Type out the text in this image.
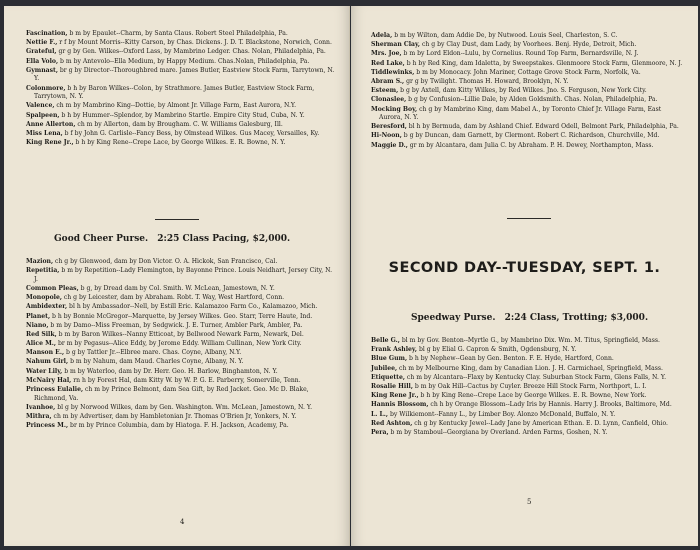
Fascination, b m by Epaulet--Charm, by Santa Claus. Robert Steel Philadelphia, Pa.

Nettie F., r f by Mount Morris--Kitty Carson, by Chas. Dickens. J. D. T. Blackstone, Norwich, Conn.

Grateful, gr g by Gen. Wilkes--Oxford Lass, by Mambrino Ledger. Chas. Nolan, Philadelphia, Pa.

Ella Volo, b m by Antevolo--Ella Medium, by Happy Medium. Chas.Nolan, Philadelphia, Pa.

Gymnast, br g by Director--Thoroughbred mare. James Butler, Eastview Stock Farm, Tarrytown, N. Y.

Colonmore, b h by Baron Wilkes--Colon, by Strathmore. James Butler, Eastview Stock Farm, Tarrytown, N. Y.

Valence, ch m by Mambrino King--Dottie, by Almont Jr. Village Farm, East Aurora, N.Y.

Spalpeen, b h by Hummer--Splendor, by Mambrino Startle. Empire City Stud, Cuba, N. Y.

Anne Allerton, ch m by Allerton, dam by Brougham. C. W. Williams Galesburg, Ill.

Miss Lena, b f by John G. Carlisle--Fancy Bess, by Olmstead Wilkes. Gus Macey, Versailles, Ky.

King Rene Jr., b h by King Rene--Crepe Lace, by George Wilkes. E. R. Bowne, N. Y.

Good Cheer Purse. 2:25 Class Pacing, $2,000.

Mazion, ch g by Glenwood, dam by Don Victor. O. A. Hickok, San Francisco, Cal.

Repetitia, b m by Repetition--Lady Flemington, by Bayonne Prince. Louis Neidhart, Jersey City, N. J.

Common Pleas, b g, by Dread dam by Col. Smith. W. McLean, Jamestown, N. Y.

Monopole, ch g by Leicester, dam by Abraham. Robt. T. Way, West Hartford, Conn.

Ambidexter, bl h by Ambassador--Nell, by Estill Eric. Kalamazoo Farm Co., Kalamazoo, Mich.

Planet, b h by Bonnie McGregor--Marquette, by Jersey Wilkes. Geo. Starr, Terre Haute, Ind.

Niano, b m by Damo--Miss Freeman, by Sedgwick. J. E. Turner, Ambler Park, Ambler, Pa.

Red Silk, b m by Baron Wilkes--Nanny Etticoat, by Bellwood Newark Farm, Newark, Del.

Alice M., br m by Pegasus--Alice Eddy, by Jerome Eddy. William Cullinan, New York City.

Manson E., b g by Tattler Jr.--Elbree mare. Chas. Coyne, Albany, N.Y.

Nahum Girl, b m by Nahum, dam Maud. Charles Coyne, Albany, N. Y.

Water Lily, b m by Waterloo, dam by Dr. Herr. Geo. H. Barlow, Binghamton, N. Y.

McNairy Hal, rn h by Forest Hal, dam Kitty W. by W. P. G. E. Parberry, Somerville, Tenn.

Princess Eulalie, ch m by Prince Belmont, dam Sea Gift, by Red Jacket. Geo. Mc D. Blake, Richmond, Va.

Ivanhoe, bl g by Norwood Wilkes, dam by Gen. Washington. Wm. McLean, Jamestown, N. Y.

Mithra, ch m by Advertiser, dam by Hambletonian Jr. Thomas O'Brien Jr, Yonkers, N. Y.

Princess M., br m by Prince Columbia, dam by Hiatoga. F. H. Jackson, Academy, Pa.

4

Adela, b m by Wilton, dam Addie De, by Nutwood. Louis Seel, Charleston, S. C.

Sherman Clay, ch g by Clay Dust, dam Lady, by Voorhees. Benj. Hyde, Detroit, Mich.

Mrs. Joe, b m by Lord Eldon--Lulu, by Cornelius. Round Top Farm, Bernardsville, N. J.

Red Lake, b h by Red King, dam Idaletta, by Sweepstakes. Glenmoore Stock Farm, Glenmoore, N. J.

Tiddlewinks, b m by Monocacy. John Mariner, Cottage Grove Stock Farm, Norfolk, Va.

Abram S., gr g by Twilight. Thomas H. Howard, Brooklyn, N. Y.

Esteem, b g by Axtell, dam Kitty Wilkes, by Red Wilkes. Jno. S. Ferguson, New York City.

Clonaslee, b g by Confusion--Lillie Dale, by Alden Goldsmith. Chas. Nolan, Philadelphia, Pa.

Mocking Boy, ch g by Mambrino King, dam Mabel A., by Toronto Chief Jr. Village Farm, East Aurora, N. Y.

Beresford, bl h by Bermuda, dam by Ashland Chief. Edward Odell, Belmont Park, Philadelphia, Pa.

Hi-Noon, b g by Duncan, dam Garnett, by Clermont. Robert C. Richardson, Churchville, Md.

Maggie D., gr m by Alcantara, dam Julia C. by Abraham. P. H. Dewey, Northampton, Mass.

SECOND DAY--TUESDAY, SEPT. 1.
Speedway Purse. 2:24 Class, Trotting; $3,000.

Belle G., bl m by Gov. Benton--Myrtle G., by Mambrino Dix. Wm. M. Titus, Springfield, Mass.

Frank Ashley, bl g by Elial G. Capron & Smith, Ogdensburg, N. Y.

Blue Gum, b h by Nephew--Gean by Gen. Benton. F. E. Hyde, Hartford, Conn.

Jubilee, ch m by Melbourne King, dam by Canadian Lion. J. H. Carmichael, Springfield, Mass.

Etiquette, ch m by Alcantara--Flaxy by Kentucky Clay. Suburban Stock Farm, Glens Falls, N. Y.

Rosalie Hill, b m by Oak Hill--Cactus by Cuyler. Breeze Hill Stock Farm, Northport, L. I.

King Rene Jr., b h by King Rene--Crepe Lace by George Wilkes. E. R. Bowne, New York.

Hannis Blossom, ch h by Orange Blossom--Lady Iris by Hannis. Harry J. Brooks, Baltimore, Md.

L. L., by Wilkiemont--Fanny L., by Limber Boy. Alonzo McDonald, Buffalo, N. Y.

Red Ashton, ch g by Kentucky Jewel--Lady Jane by American Ethan. E. D. Lynn, Canfield, Ohio.

Pera, b m by Stamboul--Georgiana by Overland. Arden Farms, Goshen, N. Y.

5
